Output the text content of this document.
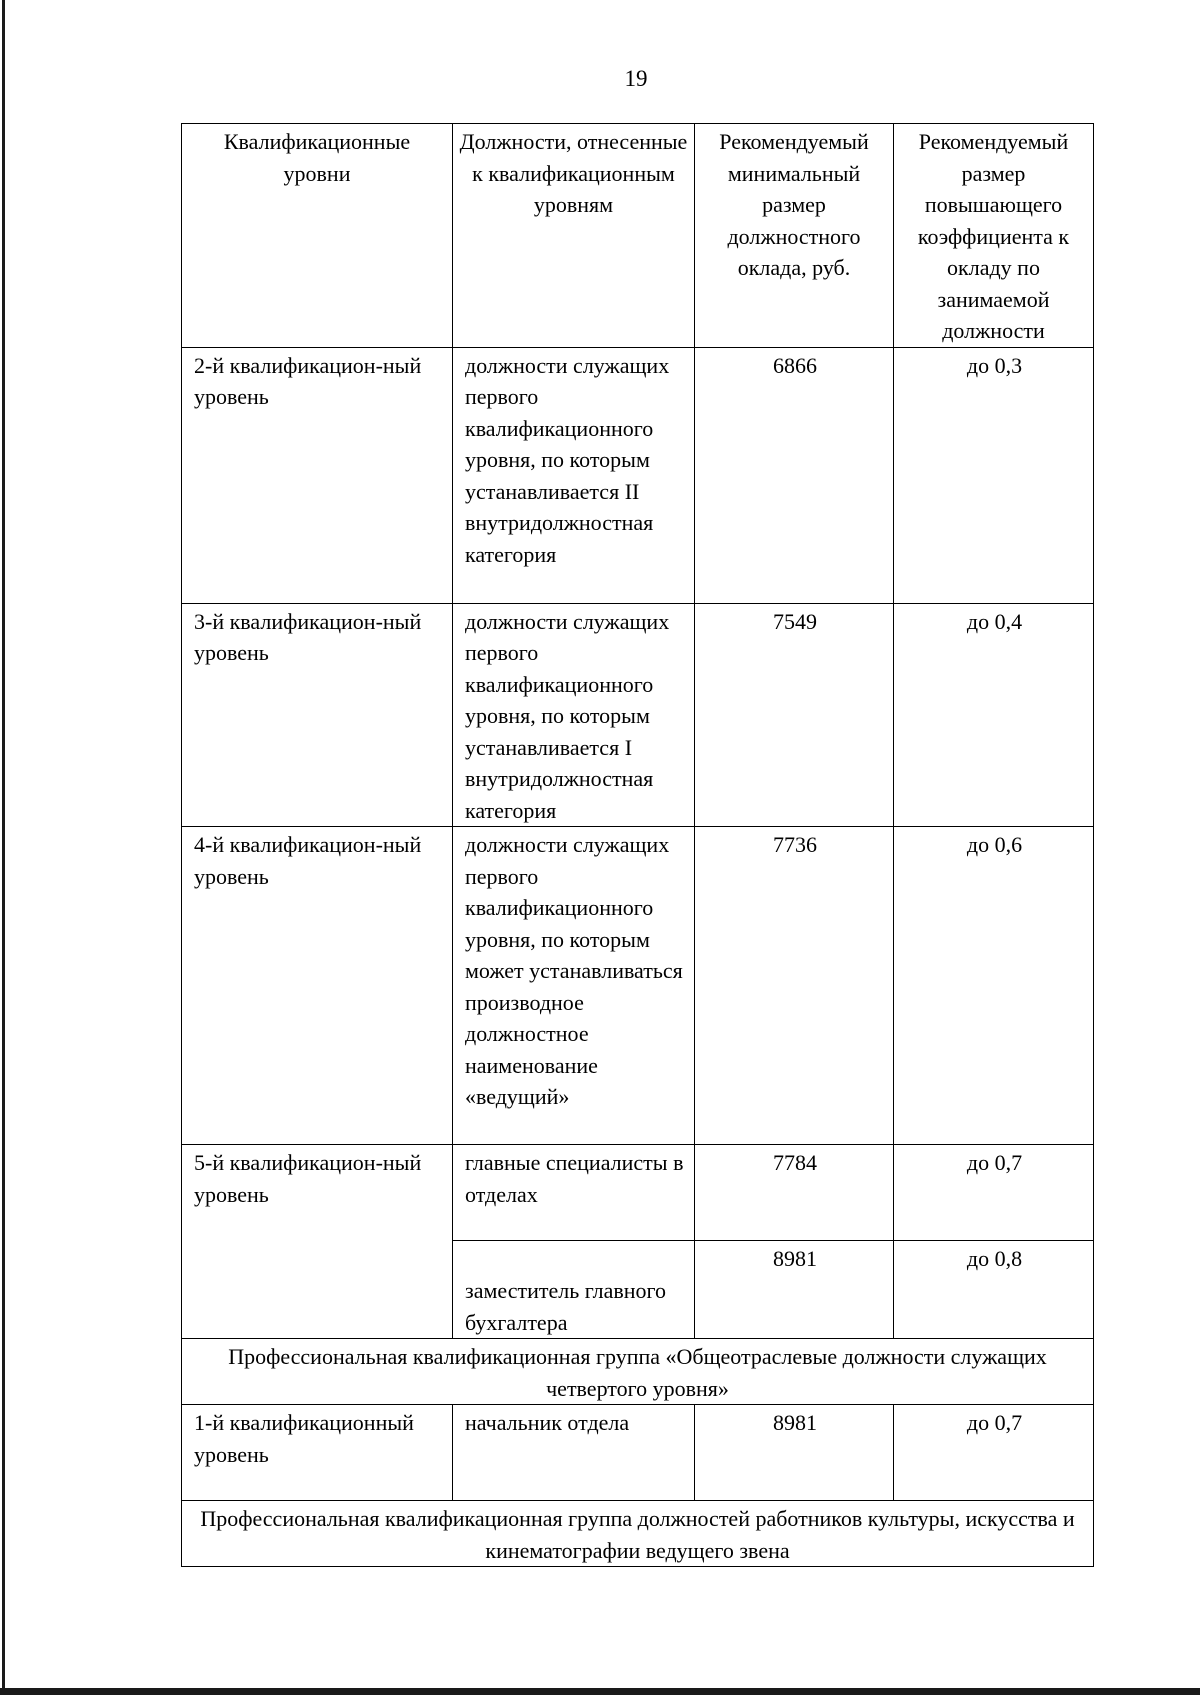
19
Квалификационные уровни	Должности, отнесенные к квалификационным уровням	Рекомендуемый минимальный размер должностного оклада, руб.	Рекомендуемый размер повышающего коэффициента к окладу по занимаемой должности
2-й квалификацион-ный уровень	должности служащих первого квалификационного уровня, по которым устанавливается II внутридолжностная категория	6866	до 0,3
3-й квалификацион-ный уровень	должности служащих первого квалификационного уровня, по которым устанавливается I внутридолжностная категория	7549	до 0,4
4-й квалификацион-ный уровень	должности служащих первого квалификационного уровня, по которым может устанавливаться производное должностное наименование «ведущий»	7736	до 0,6
5-й квалификацион-ный уровень	главные специалисты в отделах	7784	до 0,7
	заместитель главного бухгалтера	8981	до 0,8
Профессиональная квалификационная группа «Общеотраслевые должности служащих четвертого уровня»			
1-й квалификационный уровень	начальник отдела	8981	до 0,7
Профессиональная квалификационная группа должностей работников культуры, искусства и кинематографии ведущего звена			
